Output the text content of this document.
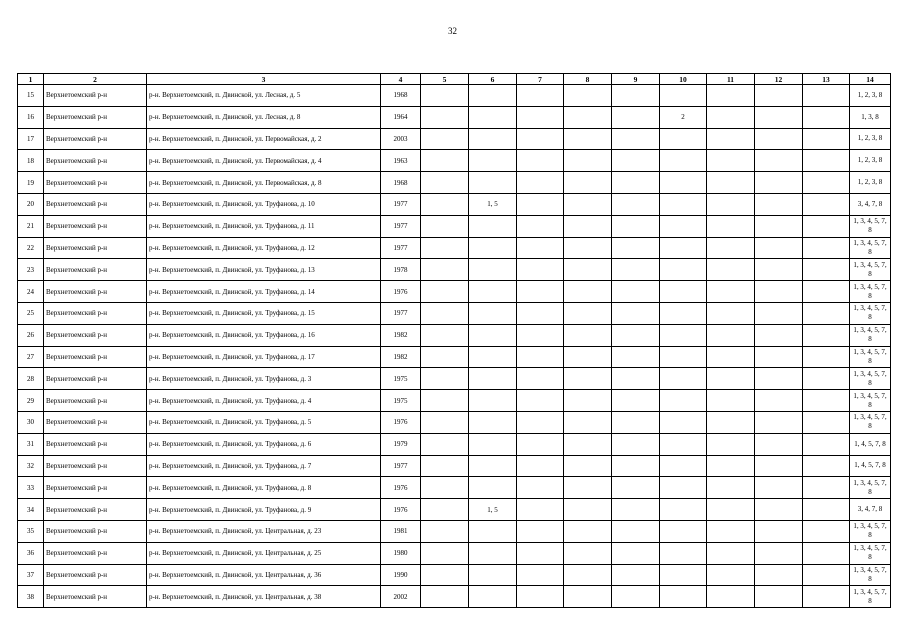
32
1	2	3	4	5	6	7	8	9	10	11	12	13	14
15	Верхнетоемский р-н	р-н. Верхнетоемский, п. Двинской, ул. Лесная, д. 5	1968										1, 2, 3, 8
16	Верхнетоемский р-н	р-н. Верхнетоемский, п. Двинской, ул. Лесная, д. 8	1964						2				1, 3, 8
17	Верхнетоемский р-н	р-н. Верхнетоемский, п. Двинской, ул. Первомайская, д. 2	2003										1, 2, 3, 8
18	Верхнетоемский р-н	р-н. Верхнетоемский, п. Двинской, ул. Первомайская, д. 4	1963										1, 2, 3, 8
19	Верхнетоемский р-н	р-н. Верхнетоемский, п. Двинской, ул. Первомайская, д. 8	1968										1, 2, 3, 8
20	Верхнетоемский р-н	р-н. Верхнетоемский, п. Двинской, ул. Труфанова, д. 10	1977		1, 5								3, 4, 7, 8
21	Верхнетоемский р-н	р-н. Верхнетоемский, п. Двинской, ул. Труфанова, д. 11	1977										1, 3, 4, 5, 7, 8
22	Верхнетоемский р-н	р-н. Верхнетоемский, п. Двинской, ул. Труфанова, д. 12	1977										1, 3, 4, 5, 7, 8
23	Верхнетоемский р-н	р-н. Верхнетоемский, п. Двинской, ул. Труфанова, д. 13	1978										1, 3, 4, 5, 7, 8
24	Верхнетоемский р-н	р-н. Верхнетоемский, п. Двинской, ул. Труфанова, д. 14	1976										1, 3, 4, 5, 7, 8
25	Верхнетоемский р-н	р-н. Верхнетоемский, п. Двинской, ул. Труфанова, д. 15	1977										1, 3, 4, 5, 7, 8
26	Верхнетоемский р-н	р-н. Верхнетоемский, п. Двинской, ул. Труфанова, д. 16	1982										1, 3, 4, 5, 7, 8
27	Верхнетоемский р-н	р-н. Верхнетоемский, п. Двинской, ул. Труфанова, д. 17	1982										1, 3, 4, 5, 7, 8
28	Верхнетоемский р-н	р-н. Верхнетоемский, п. Двинской, ул. Труфанова, д. 3	1975										1, 3, 4, 5, 7, 8
29	Верхнетоемский р-н	р-н. Верхнетоемский, п. Двинской, ул. Труфанова, д. 4	1975										1, 3, 4, 5, 7, 8
30	Верхнетоемский р-н	р-н. Верхнетоемский, п. Двинской, ул. Труфанова, д. 5	1976										1, 3, 4, 5, 7, 8
31	Верхнетоемский р-н	р-н. Верхнетоемский, п. Двинской, ул. Труфанова, д. 6	1979										1, 4, 5, 7, 8
32	Верхнетоемский р-н	р-н. Верхнетоемский, п. Двинской, ул. Труфанова, д. 7	1977										1, 4, 5, 7, 8
33	Верхнетоемский р-н	р-н. Верхнетоемский, п. Двинской, ул. Труфанова, д. 8	1976										1, 3, 4, 5, 7, 8
34	Верхнетоемский р-н	р-н. Верхнетоемский, п. Двинской, ул. Труфанова, д. 9	1976		1, 5								3, 4, 7, 8
35	Верхнетоемский р-н	р-н. Верхнетоемский, п. Двинской, ул. Центральная, д. 23	1981										1, 3, 4, 5, 7, 8
36	Верхнетоемский р-н	р-н. Верхнетоемский, п. Двинской, ул. Центральная, д. 25	1980										1, 3, 4, 5, 7, 8
37	Верхнетоемский р-н	р-н. Верхнетоемский, п. Двинской, ул. Центральная, д. 36	1990										1, 3, 4, 5, 7, 8
38	Верхнетоемский р-н	р-н. Верхнетоемский, п. Двинской, ул. Центральная, д. 38	2002										1, 3, 4, 5, 7, 8
